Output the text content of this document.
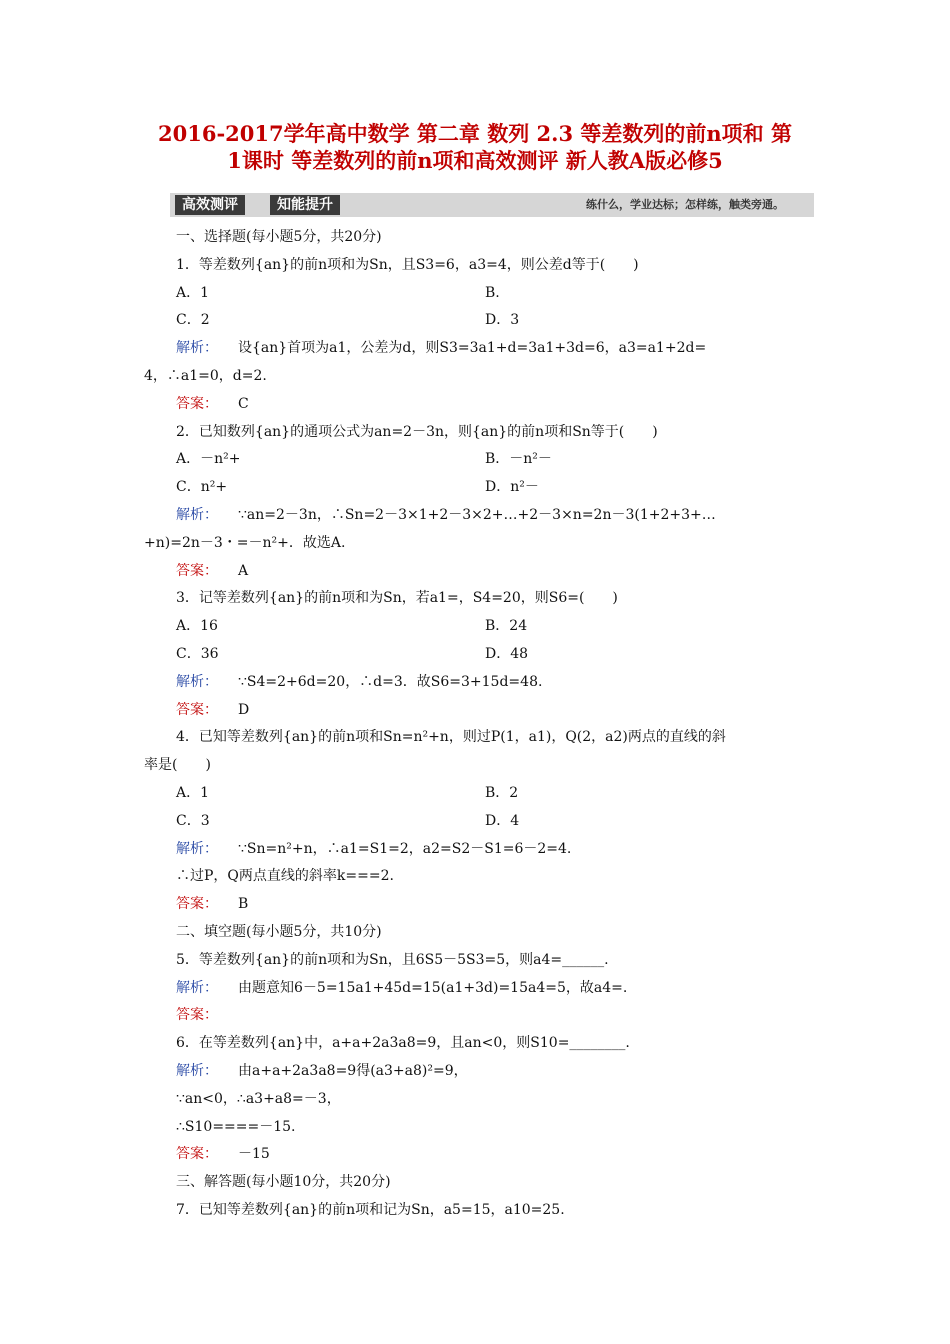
2016-2017学年高中数学 第二章 数列 2.3 等差数列的前n项和 第
1课时 等差数列的前n项和高效测评 新人教A版必修5
高效测评	知能提升	练什么，学业达标；怎样练，触类旁通。
一、选择题(每小题5分，共20分)
1．等差数列{an}的前n项和为Sn，且S3=6，a3=4，则公差d等于(　　)
A．1	B.
C．2	D．3
解析： 设{an}首项为a1，公差为d，则S3=3a1+d=3a1+3d=6，a3=a1+2d=
4，∴a1=0，d=2.
答案： C
2．已知数列{an}的通项公式为an=2－3n，则{an}的前n项和Sn等于(　　)
A．－n²+	B．－n²－
C．n²+	D．n²－
解析： ∵an=2－3n，∴Sn=2－3×1+2－3×2+…+2－3×n=2n－3(1+2+3+…
+n)=2n－3・=－n²+．故选A.
答案： A
3．记等差数列{an}的前n项和为Sn，若a1=，S4=20，则S6=(　　)
A．16	B．24
C．36	D．48
解析： ∵S4=2+6d=20，∴d=3．故S6=3+15d=48.
答案： D
4．已知等差数列{an}的前n项和Sn=n²+n，则过P(1，a1)，Q(2，a2)两点的直线的斜
率是(　　)
A．1	B．2
C．3	D．4
解析： ∵Sn=n²+n，∴a1=S1=2，a2=S2－S1=6－2=4.
∴过P，Q两点直线的斜率k===2.
答案： B
二、填空题(每小题5分，共10分)
5．等差数列{an}的前n项和为Sn，且6S5－5S3=5，则a4=______.
解析： 由题意知6－5=15a1+45d=15(a1+3d)=15a4=5，故a4=.
答案：
6．在等差数列{an}中，a+a+2a3a8=9，且an<0，则S10=________.
解析： 由a+a+2a3a8=9得(a3+a8)²=9，
∵an<0，∴a3+a8=－3，
∴S10====－15.
答案： －15
三、解答题(每小题10分，共20分)
7．已知等差数列{an}的前n项和记为Sn，a5=15，a10=25.
